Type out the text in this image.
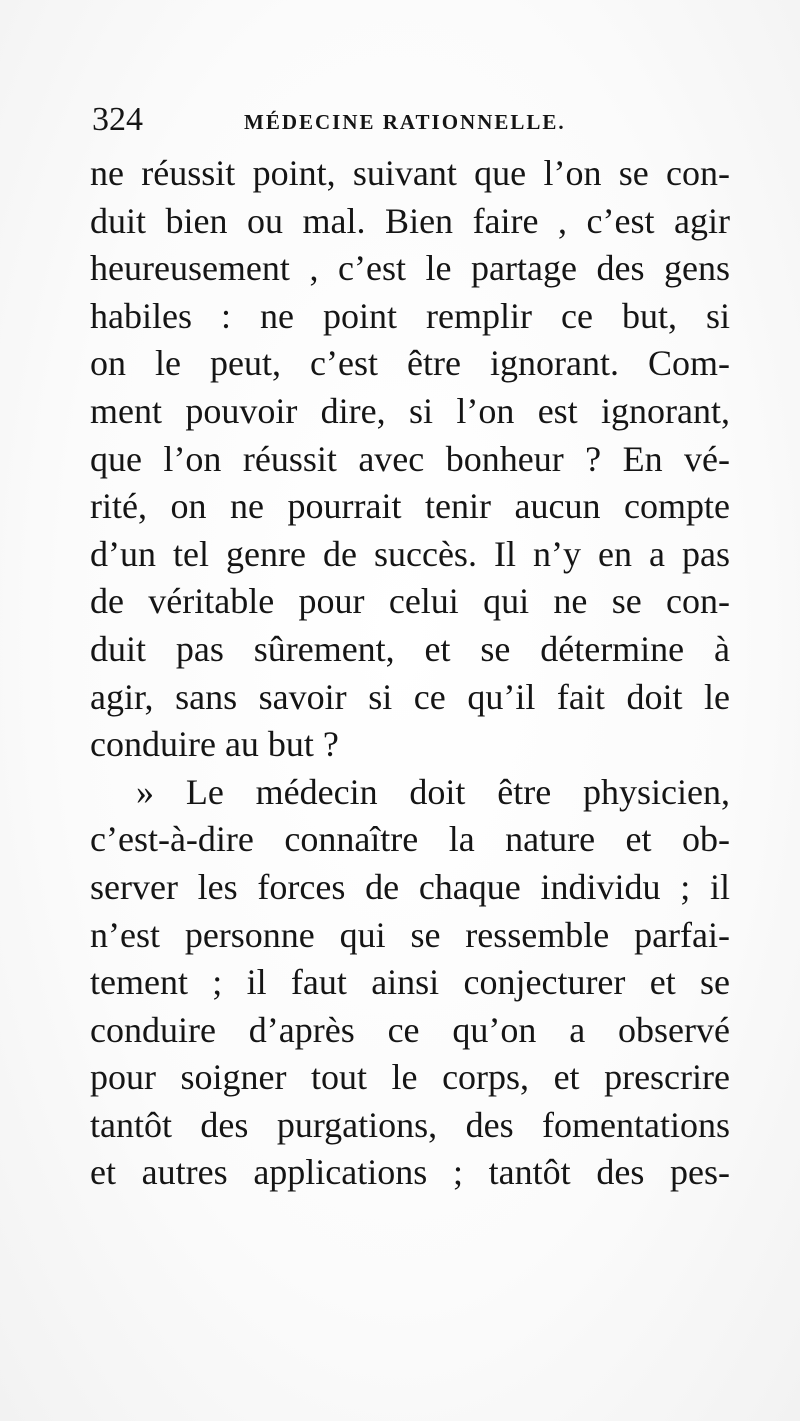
324	MÉDECINE RATIONNELLE.
ne réussit point, suivant que l’on se con-
duit bien ou mal. Bien faire , c’est agir
heureusement , c’est le partage des gens
habiles : ne point remplir ce but, si
on le peut, c’est être ignorant. Com-
ment pouvoir dire, si l’on est ignorant,
que l’on réussit avec bonheur ? En vé-
rité, on ne pourrait tenir aucun compte
d’un tel genre de succès. Il n’y en a pas
de véritable pour celui qui ne se con-
duit pas sûrement, et se détermine à
agir, sans savoir si ce qu’il fait doit le
conduire au but ?
» Le médecin doit être physicien,
c’est-à-dire connaître la nature et ob-
server les forces de chaque individu ; il
n’est personne qui se ressemble parfai-
tement ; il faut ainsi conjecturer et se
conduire d’après ce qu’on a observé
pour soigner tout le corps, et prescrire
tantôt des purgations, des fomentations
et autres applications ; tantôt des pes-
